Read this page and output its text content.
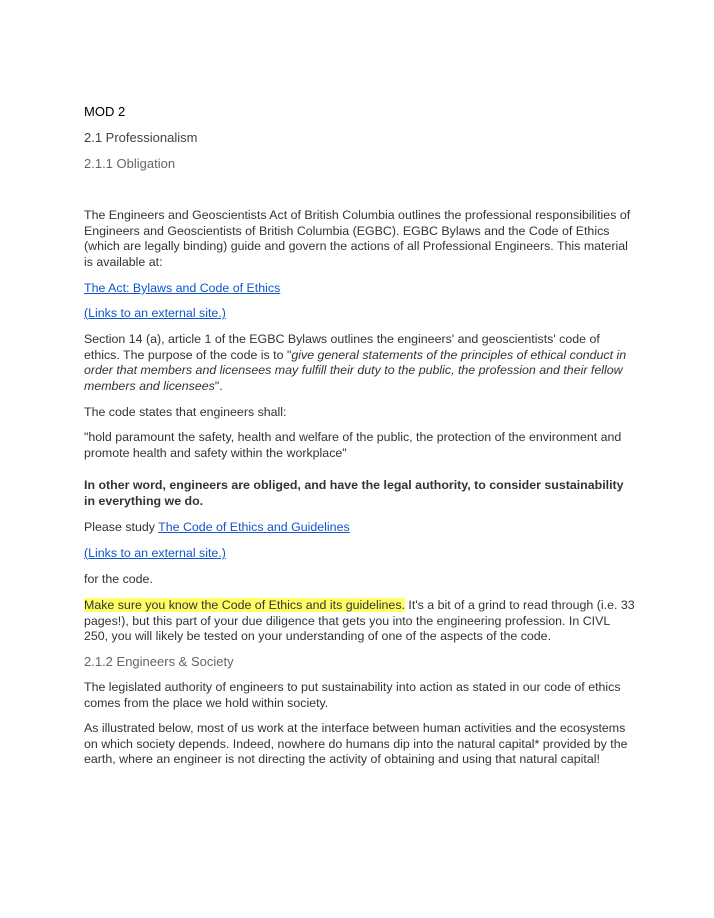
MOD 2
2.1 Professionalism
2.1.1 Obligation
The Engineers and Geoscientists Act of British Columbia outlines the professional responsibilities of Engineers and Geoscientists of British Columbia (EGBC). EGBC Bylaws and the Code of Ethics (which are legally binding) guide and govern the actions of all Professional Engineers. This material is available at:
The Act: Bylaws and Code of Ethics
(Links to an external site.)
Section 14 (a), article 1 of the EGBC Bylaws outlines the engineers' and geoscientists' code of ethics. The purpose of the code is to "give general statements of the principles of ethical conduct in order that members and licensees may fulfill their duty to the public, the profession and their fellow members and licensees".
The code states that engineers shall:
"hold paramount the safety, health and welfare of the public, the protection of the environment and promote health and safety within the workplace"
In other word, engineers are obliged, and have the legal authority, to consider sustainability in everything we do.
Please study The Code of Ethics and Guidelines
(Links to an external site.)
for the code.
Make sure you know the Code of Ethics and its guidelines. It's a bit of a grind to read through (i.e. 33 pages!), but this part of your due diligence that gets you into the engineering profession. In CIVL 250, you will likely be tested on your understanding of one of the aspects of the code.
2.1.2 Engineers & Society
The legislated authority of engineers to put sustainability into action as stated in our code of ethics comes from the place we hold within society.
As illustrated below, most of us work at the interface between human activities and the ecosystems on which society depends. Indeed, nowhere do humans dip into the natural capital* provided by the earth, where an engineer is not directing the activity of obtaining and using that natural capital!
